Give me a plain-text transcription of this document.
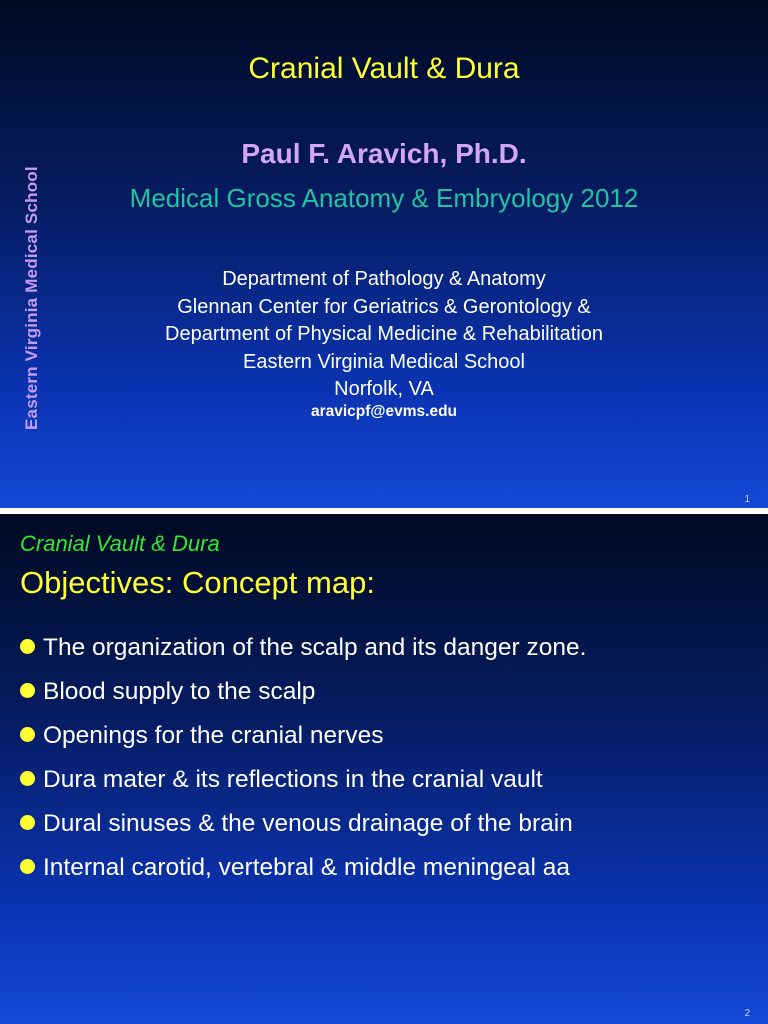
Eastern Virginia Medical School
Cranial Vault & Dura
Paul F. Aravich, Ph.D.
Medical Gross Anatomy & Embryology 2012
Department of Pathology & Anatomy
Glennan Center for Geriatrics & Gerontology &
Department of Physical Medicine & Rehabilitation
Eastern Virginia Medical School
Norfolk, VA
aravicpf@evms.edu
1
Cranial Vault & Dura
Objectives: Concept map:
The organization of the scalp and its danger zone.
Blood supply to the scalp
Openings for the cranial nerves
Dura mater & its reflections in the cranial vault
Dural sinuses & the venous drainage of the brain
Internal carotid, vertebral & middle meningeal aa
2
